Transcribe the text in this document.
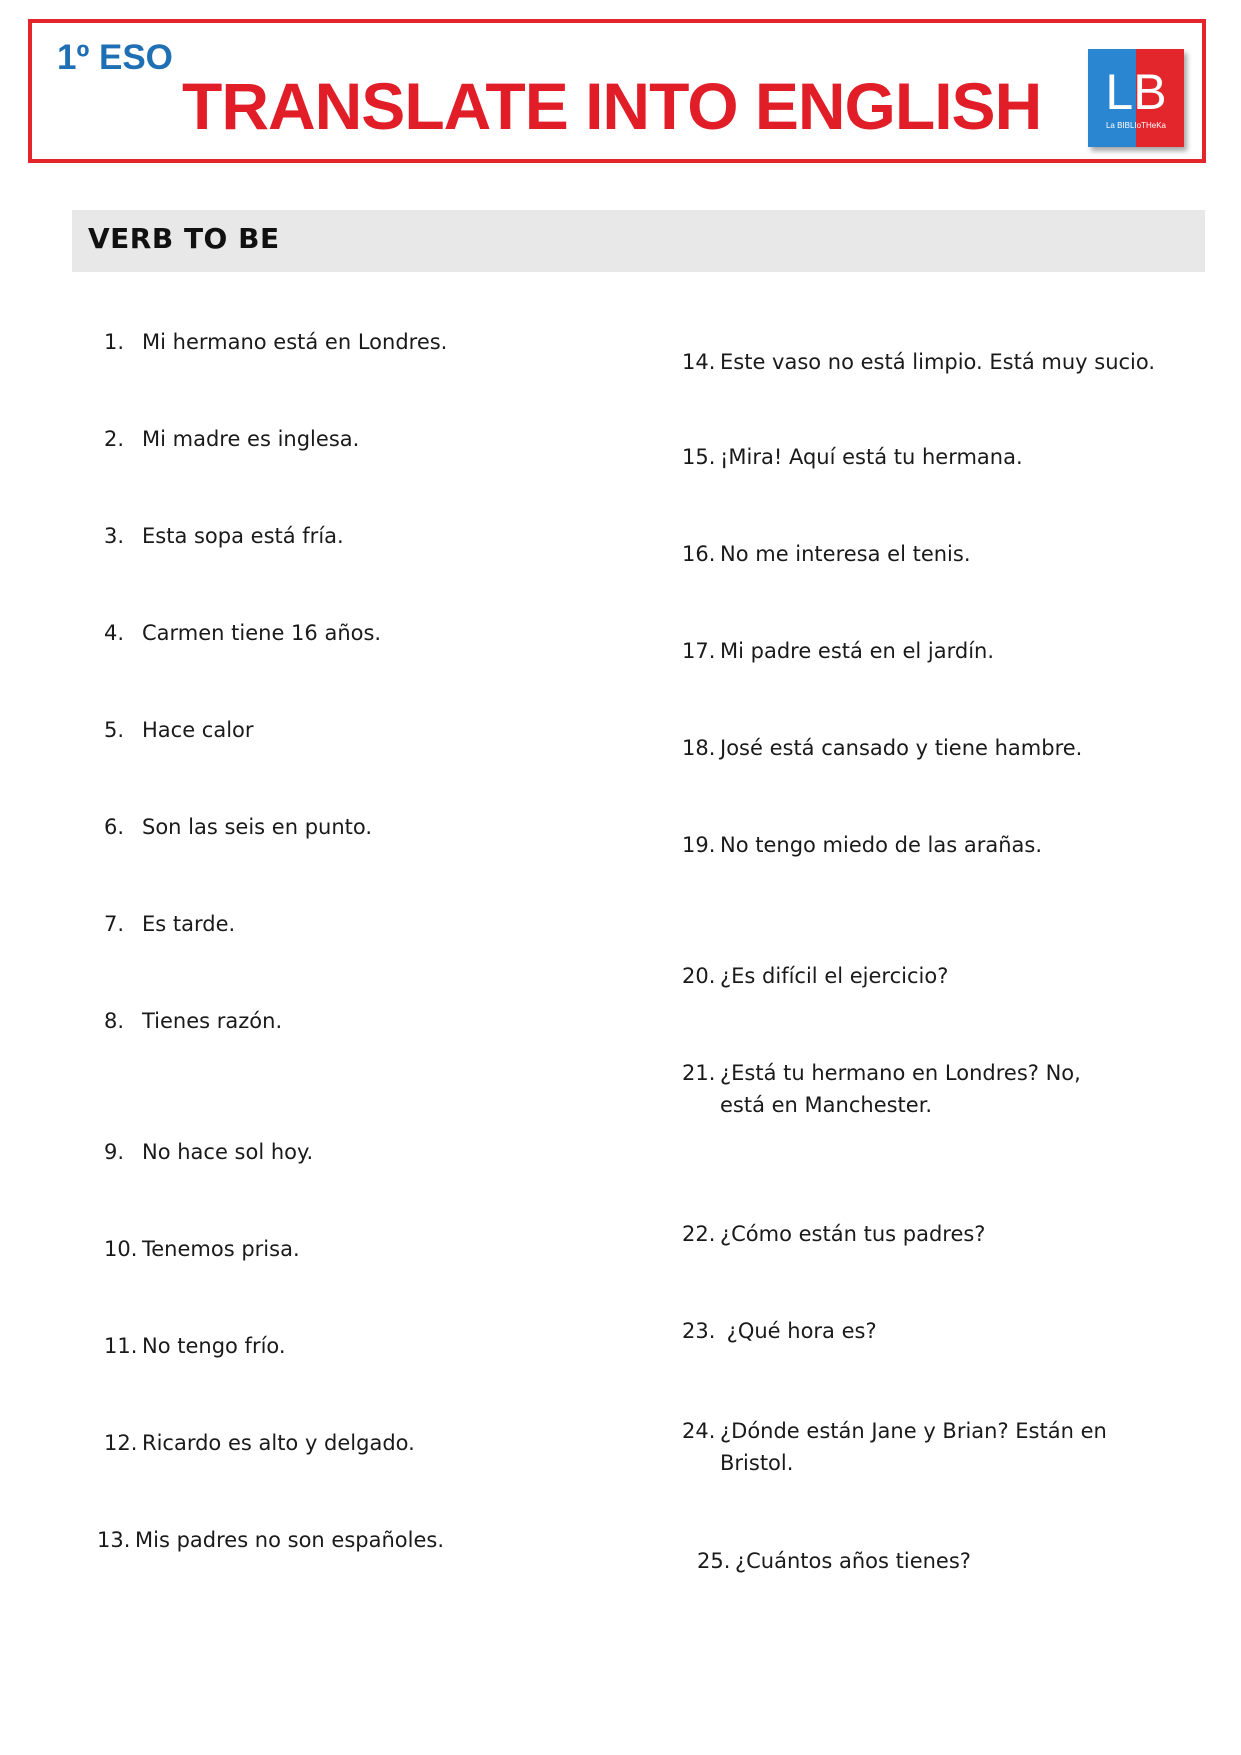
1º ESO
TRANSLATE INTO ENGLISH LB
La BIBLIoTHeKa
VERB TO BE
1. Mi hermano está en Londres.
2. Mi madre es inglesa.
3. Esta sopa está fría.
4. Carmen tiene 16 años.
5. Hace calor
6. Son las seis en punto.
7. Es tarde.
8. Tienes razón.
9. No hace sol hoy.
10. Tenemos prisa.
11. No tengo frío.
12. Ricardo es alto y delgado.
13. Mis padres no son españoles.
14. Este vaso no está limpio. Está muy sucio.
15. ¡Mira! Aquí está tu hermana.
16. No me interesa el tenis.
17. Mi padre está en el jardín.
18. José está cansado y tiene hambre.
19. No tengo miedo de las arañas.
20. ¿Es difícil el ejercicio?
21. ¿Está tu hermano en Londres? No,
está en Manchester.
22. ¿Cómo están tus padres?
23. ¿Qué hora es?
24. ¿Dónde están Jane y Brian? Están en
Bristol.
25. ¿Cuántos años tienes?
